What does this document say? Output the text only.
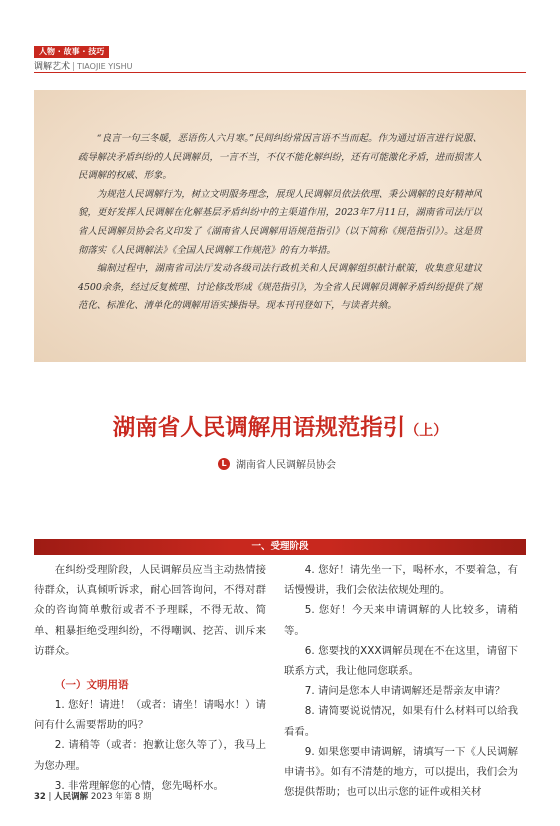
人物 · 故事 · 技巧
调解艺术 | TIAOJIE YISHU

“良言一句三冬暖，恶语伤人六月寒。”民间纠纷常因言语不当而起。作为通过语言进行说服、疏导解决矛盾纠纷的人民调解员，一言不当，不仅不能化解纠纷，还有可能激化矛盾，进而损害人民调解的权威、形象。

为规范人民调解行为，树立文明服务理念，展现人民调解员依法依理、秉公调解的良好精神风貌，更好发挥人民调解在化解基层矛盾纠纷中的主渠道作用，2023年7月11日，湖南省司法厅以省人民调解员协会名义印发了《湖南省人民调解用语规范指引》（以下简称《规范指引》）。这是贯彻落实《人民调解法》《全国人民调解工作规范》的有力举措。

编制过程中，湖南省司法厅发动各级司法行政机关和人民调解组织献计献策，收集意见建议4500余条，经过反复梳理、讨论修改形成《规范指引》，为全省人民调解员调解矛盾纠纷提供了规范化、标准化、清单化的调解用语实操指导。现本刊刊登如下，与读者共飨。

湖南省人民调解用语规范指引（上）
L 湖南省人民调解员协会
一、受理阶段

在纠纷受理阶段，人民调解员应当主动热情接待群众，认真倾听诉求，耐心回答询问，不得对群众的咨询简单敷衍或者不予理睬，不得无故、简单、粗暴拒绝受理纠纷，不得嘲讽、挖苦、训斥来访群众。

（一）文明用语

1. 您好！请进！（或者：请坐！请喝水！）请问有什么需要帮助的吗？

2. 请稍等（或者：抱歉让您久等了），我马上为您办理。

3. 非常理解您的心情，您先喝杯水。

4. 您好！请先坐一下，喝杯水，不要着急，有话慢慢讲，我们会依法依规处理的。

5. 您好！今天来申请调解的人比较多，请稍等。

6. 您要找的XXX调解员现在不在这里，请留下联系方式，我让他同您联系。

7. 请问是您本人申请调解还是帮亲友申请？

8. 请简要说说情况，如果有什么材料可以给我看看。

9. 如果您要申请调解，请填写一下《人民调解申请书》。如有不清楚的地方，可以提出，我们会为您提供帮助；也可以出示您的证件或相关材

32 | 人民调解 2023 年第 8 期
